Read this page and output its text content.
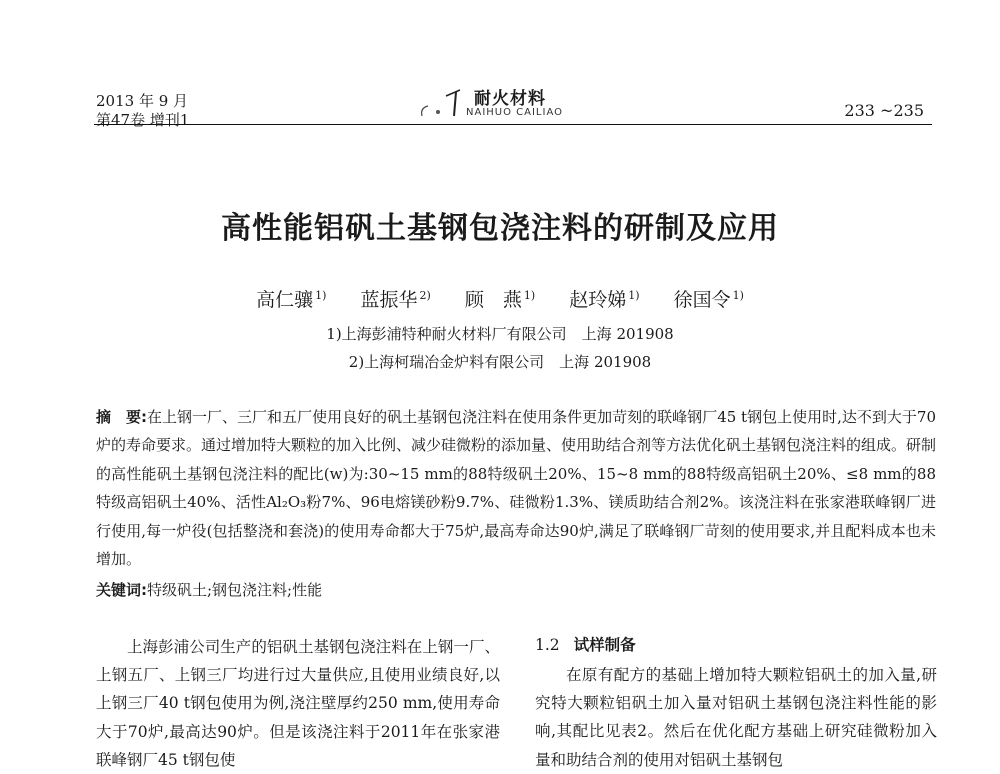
2013 年 9 月
第47卷 增刊1
耐火材料
NAIHUO CAILIAO	233 ~235
高性能铝矾土基钢包浇注料的研制及应用
高仁骧 $^{1)}$ 蓝振华 $^{2)}$ 顾　燕 $^{1)}$ 赵玲娣 $^{1)}$ 徐国令 $^{1)}$
1)上海彭浦特种耐火材料厂有限公司　上海 201908
2)上海柯瑞冶金炉料有限公司　上海 201908
摘　要:在上钢一厂、三厂和五厂使用良好的矾土基钢包浇注料在使用条件更加苛刻的联峰钢厂45 t钢包上使用时,达不到大于70炉的寿命要求。通过增加特大颗粒的加入比例、减少硅微粉的添加量、使用助结合剂等方法优化矾土基钢包浇注料的组成。研制的高性能矾土基钢包浇注料的配比(w)为:30~15 mm的88特级矾土20%、15~8 mm的88特级高铝矾土20%、≤8 mm的88特级高铝矾土40%、活性Al₂O₃粉7%、96电熔镁砂粉9.7%、硅微粉1.3%、镁质助结合剂2%。该浇注料在张家港联峰钢厂进行使用,每一炉役(包括整浇和套浇)的使用寿命都大于75炉,最高寿命达90炉,满足了联峰钢厂苛刻的使用要求,并且配料成本也未增加。
关键词:特级矾土;钢包浇注料;性能
上海彭浦公司生产的铝矾土基钢包浇注料在上钢一厂、上钢五厂、上钢三厂均进行过大量供应,且使用业绩良好,以上钢三厂40 t钢包使用为例,浇注壁厚约250 mm,使用寿命大于70炉,最高达90炉。但是该浇注料于2011年在张家港联峰钢厂45 t钢包使
1.2 试样制备
在原有配方的基础上增加特大颗粒铝矾土的加入量,研究特大颗粒铝矾土加入量对铝矾土基钢包浇注料性能的影响,其配比见表2。然后在优化配方基础上研究硅微粉加入量和助结合剂的使用对铝矾土基钢包
